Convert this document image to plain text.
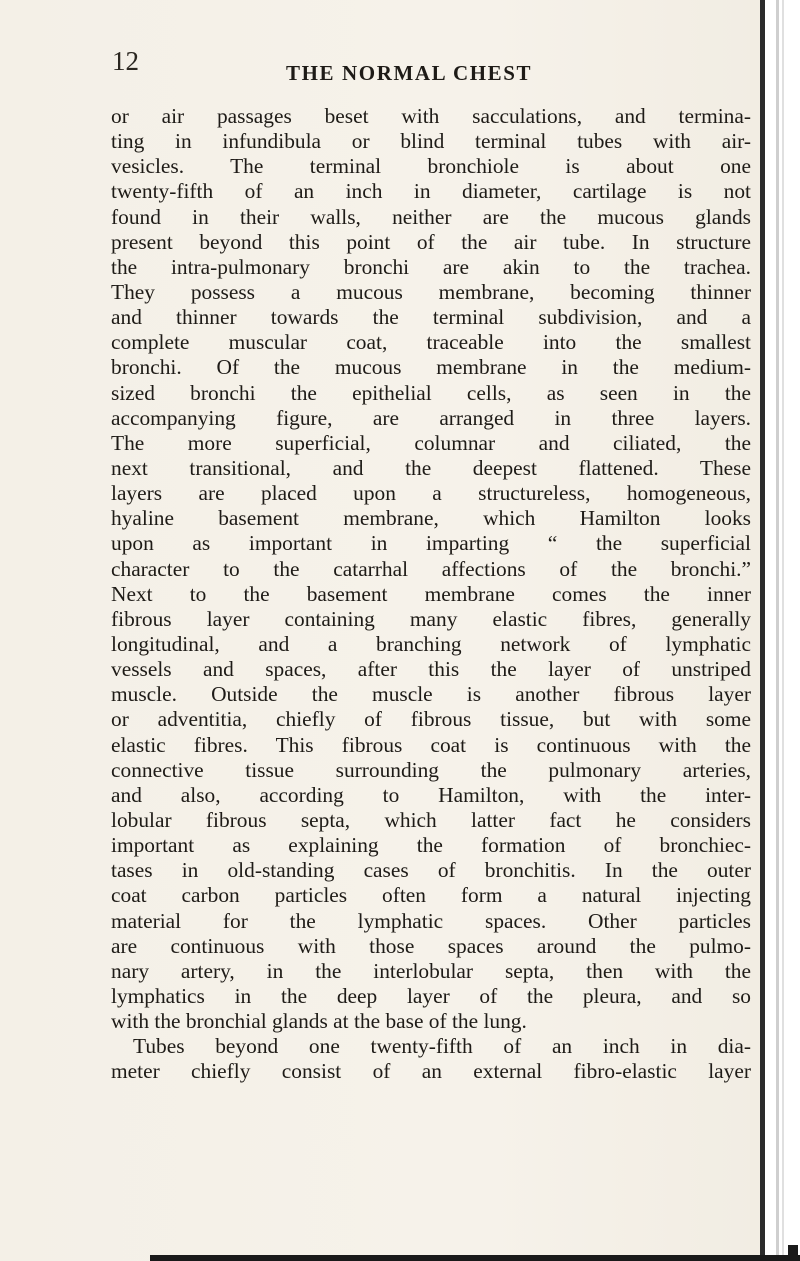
12	THE NORMAL CHEST
or air passages beset with sacculations, and termina-
ting in infundibula or blind terminal tubes with air-
vesicles. The terminal bronchiole is about one
twenty-fifth of an inch in diameter, cartilage is not
found in their walls, neither are the mucous glands
present beyond this point of the air tube. In structure
the intra-pulmonary bronchi are akin to the trachea.
They possess a mucous membrane, becoming thinner
and thinner towards the terminal subdivision, and a
complete muscular coat, traceable into the smallest
bronchi. Of the mucous membrane in the medium-
sized bronchi the epithelial cells, as seen in the
accompanying figure, are arranged in three layers.
The more superficial, columnar and ciliated, the
next transitional, and the deepest flattened. These
layers are placed upon a structureless, homogeneous,
hyaline basement membrane, which Hamilton looks
upon as important in imparting “ the superficial
character to the catarrhal affections of the bronchi.”
Next to the basement membrane comes the inner
fibrous layer containing many elastic fibres, generally
longitudinal, and a branching network of lymphatic
vessels and spaces, after this the layer of unstriped
muscle. Outside the muscle is another fibrous layer
or adventitia, chiefly of fibrous tissue, but with some
elastic fibres. This fibrous coat is continuous with the
connective tissue surrounding the pulmonary arteries,
and also, according to Hamilton, with the inter-
lobular fibrous septa, which latter fact he considers
important as explaining the formation of bronchiec-
tases in old-standing cases of bronchitis. In the outer
coat carbon particles often form a natural injecting
material for the lymphatic spaces. Other particles
are continuous with those spaces around the pulmo-
nary artery, in the interlobular septa, then with the
lymphatics in the deep layer of the pleura, and so
with the bronchial glands at the base of the lung.
Tubes beyond one twenty-fifth of an inch in dia-
meter chiefly consist of an external fibro-elastic layer
